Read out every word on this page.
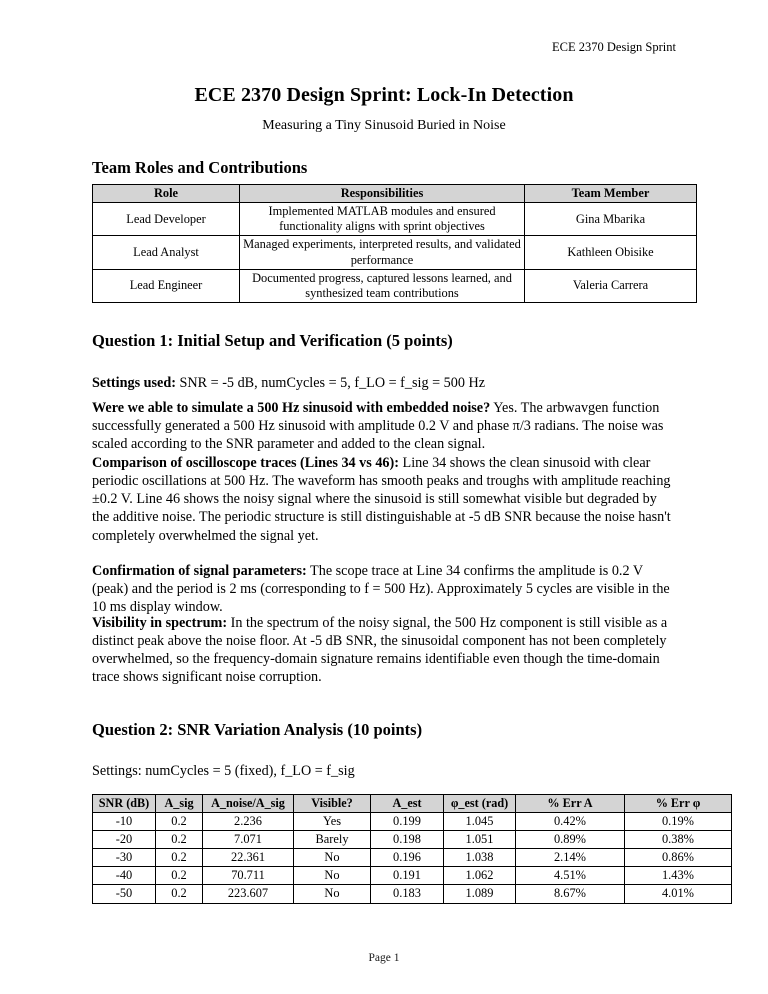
ECE 2370 Design Sprint
ECE 2370 Design Sprint: Lock-In Detection
Measuring a Tiny Sinusoid Buried in Noise
Team Roles and Contributions
Role	Responsibilities	Team Member
Lead Developer	Implemented MATLAB modules and ensured functionality aligns with sprint objectives	Gina Mbarika
Lead Analyst	Managed experiments, interpreted results, and validated performance	Kathleen Obisike
Lead Engineer	Documented progress, captured lessons learned, and synthesized team contributions	Valeria Carrera
Question 1: Initial Setup and Verification (5 points)

Settings used: SNR = -5 dB, numCycles = 5, f_LO = f_sig = 500 Hz

Were we able to simulate a 500 Hz sinusoid with embedded noise? Yes. The arbwavgen function successfully generated a 500 Hz sinusoid with amplitude 0.2 V and phase π/3 radians. The noise was scaled according to the SNR parameter and added to the clean signal.

Comparison of oscilloscope traces (Lines 34 vs 46): Line 34 shows the clean sinusoid with clear periodic oscillations at 500 Hz. The waveform has smooth peaks and troughs with amplitude reaching ±0.2 V. Line 46 shows the noisy signal where the sinusoid is still somewhat visible but degraded by the additive noise. The periodic structure is still distinguishable at -5 dB SNR because the noise hasn't completely overwhelmed the signal yet.

Confirmation of signal parameters: The scope trace at Line 34 confirms the amplitude is 0.2 V (peak) and the period is 2 ms (corresponding to f = 500 Hz). Approximately 5 cycles are visible in the 10 ms display window.

Visibility in spectrum: In the spectrum of the noisy signal, the 500 Hz component is still visible as a distinct peak above the noise floor. At -5 dB SNR, the sinusoidal component has not been completely overwhelmed, so the frequency-domain signature remains identifiable even though the time-domain trace shows significant noise corruption.

Question 2: SNR Variation Analysis (10 points)

Settings: numCycles = 5 (fixed), f_LO = f_sig

SNR (dB)	A_sig	A_noise/A_sig	Visible?	A_est	φ_est (rad)	% Err A	% Err φ
-10	0.2	2.236	Yes	0.199	1.045	0.42%	0.19%
-20	0.2	7.071	Barely	0.198	1.051	0.89%	0.38%
-30	0.2	22.361	No	0.196	1.038	2.14%	0.86%
-40	0.2	70.711	No	0.191	1.062	4.51%	1.43%
-50	0.2	223.607	No	0.183	1.089	8.67%	4.01%
Page 1
